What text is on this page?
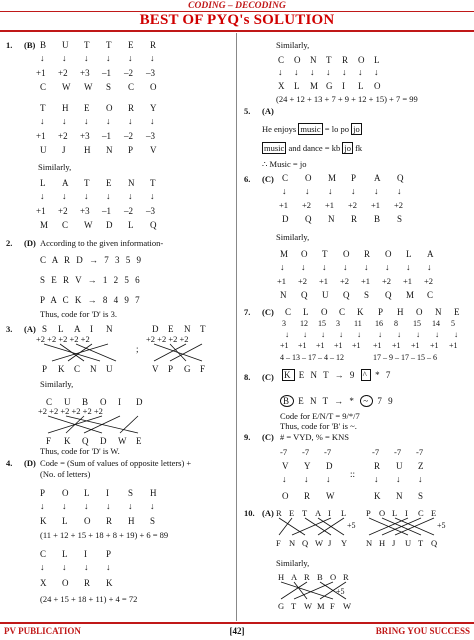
CODING – DECODING
BEST OF PYQ's SOLUTION
1. (B) B U T T E R
↓ ↓ ↓ ↓ ↓ ↓
+1 +2 +3 –1 –2 –3
C W W S C O
T H E O R Y
↓ ↓ ↓ ↓ ↓ ↓
+1 +2 +3 –1 –2 –3
U J H N P V
Similarly,
L A T E N T
↓ ↓ ↓ ↓ ↓ ↓
+1 +2 +3 –1 –2 –3
M C W D L Q
2. (D) According to the given information-
C A R D → 7 3 5 9
S E R V → 1 2 5 6
P A C K → 8 4 9 7
Thus, code for 'D' is 3.
3. (A) S L A I N
+2 +2 +2 +2 +2
P K C N U
;
D E N T
+2 +2 +2 +2
V P G F
Similarly,
C U B O I D
+2 +2 +2 +2 +2 +2
F K Q D W E
Thus, code for 'D' is W.
4. (D) Code = (Sum of values of opposite letters) +
(No. of letters)
P O L I S H
↓ ↓ ↓ ↓ ↓ ↓
K L O R H S
(11 + 12 + 15 + 18 + 8 + 19) + 6 = 89
C L I P
↓ ↓ ↓ ↓
X O R K
(24 + 15 + 18 + 11) + 4 = 72
Similarly,
C O N T R O L
↓ ↓ ↓ ↓ ↓ ↓ ↓
X L M G I L O
(24 + 12 + 13 + 7 + 9 + 12 + 15) + 7 = 99
5. (A)
He enjoys music = lo po jo
music and dance = kb jo fk
∴ Music = jo
6. (C) C O M P A Q
↓ ↓ ↓ ↓ ↓ ↓
+1 +2 +1 +2 +1 +2
D Q N R B S
Similarly,
M O T O R O L A
↓ ↓ ↓ ↓ ↓ ↓ ↓ ↓
+1 +2 +1 +2 +1 +2 +1 +2
N Q U Q S Q M C
7. (C) C L O C K
3 12 15 3 11
↓ ↓ ↓ ↓ ↓
+1 +1 +1 +1 +1
4 – 13 – 17 – 4 – 12
P H O N E
16 8 15 14 5
↓ ↓ ↓ ↓ ↓
+1 +1 +1 +1 +1
17 – 9 – 17 – 15 – 6
8. (C) K E N T → 9 ^ * 7
B E N T → * ~ 7 9
Code for E/N/T = 9/*/7
Thus, code for 'B' is ~.
9. (C) # = VYD, % = KNS
-7 -7 -7
V Y D
↓ ↓ ↓
O R W
::
-7 -7 -7
R U Z
↓ ↓ ↓
K N S
10. (A) R E T A I L
+5
F N Q W J Y
P O L I C E
+5
N H J U T Q
Similarly,
H A R B O R
+5
G T W M F W
PV PUBLICATION	[42]	BRING YOU SUCCESS
